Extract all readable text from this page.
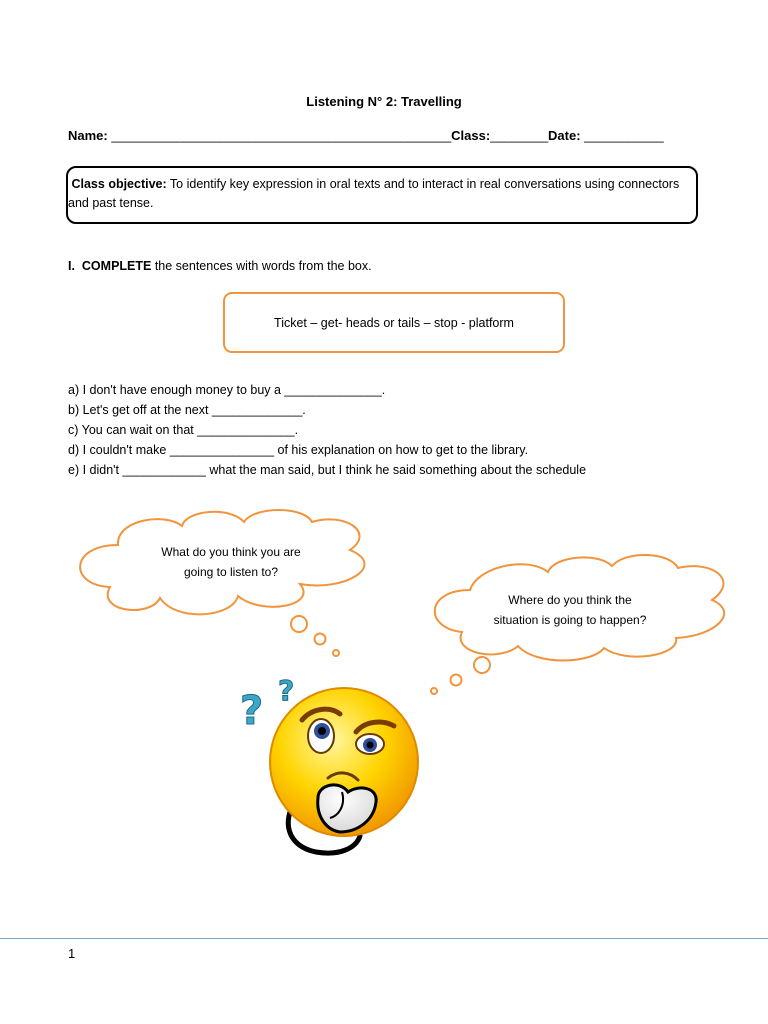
Listening N° 2: Travelling
Name: _______________________________________________Class:________Date: ___________
Class objective: To identify key expression in oral texts and to interact in real conversations using connectors and past tense.
I. COMPLETE the sentences with words from the box.
Ticket – get- heads or tails – stop - platform
a) I don't have enough money to buy a ______________.
b) Let's get off at the next _____________.
c) You can wait on that ______________.
d) I couldn't make _______________ of his explanation on how to get to the library.
e) I didn't ____________ what the man said, but I think he said something about the schedule
? ?
What do you think you are
going to listen to?
Where do you think the
situation is going to happen?
1
